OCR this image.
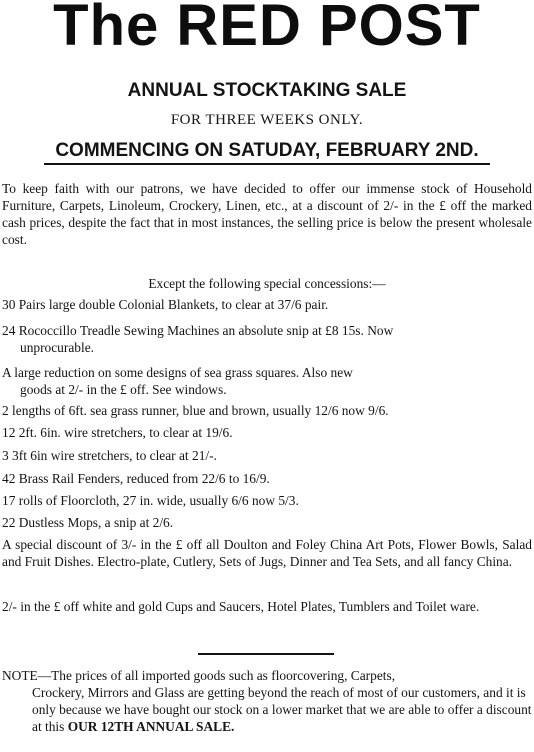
The RED POST
ANNUAL STOCKTAKING SALE
FOR THREE WEEKS ONLY.
COMMENCING ON SATUDAY, FEBRUARY 2ND.
To keep faith with our patrons, we have decided to offer our immense stock of Household Furniture, Carpets, Linoleum, Crockery, Linen, etc., at a discount of 2/- in the £ off the marked cash prices, despite the fact that in most instances, the selling price is below the present wholesale cost.
Except the following special concessions:—
30 Pairs large double Colonial Blankets, to clear at 37/6 pair.
24 Rococcillo Treadle Sewing Machines an absolute snip at £8 15s. Now
unprocurable.
A large reduction on some designs of sea grass squares. Also new
goods at 2/- in the £ off. See windows.
2 lengths of 6ft. sea grass runner, blue and brown, usually 12/6 now 9/6.
12 2ft. 6in. wire stretchers, to clear at 19/6.
3 3ft 6in wire stretchers, to clear at 21/-.
42 Brass Rail Fenders, reduced from 22/6 to 16/9.
17 rolls of Floorcloth, 27 in. wide, usually 6/6 now 5/3.
22 Dustless Mops, a snip at 2/6.
A special discount of 3/- in the £ off all Doulton and Foley China Art Pots, Flower Bowls, Salad and Fruit Dishes. Electro-plate, Cutlery, Sets of Jugs, Dinner and Tea Sets, and all fancy China.
2/- in the £ off white and gold Cups and Saucers, Hotel Plates, Tumblers and Toilet ware.
NOTE—The prices of all imported goods such as floorcovering, Carpets,
Crockery, Mirrors and Glass are getting beyond the reach of most of our customers, and it is only because we have bought our stock on a lower market that we are able to offer a discount at this OUR 12TH ANNUAL SALE.
